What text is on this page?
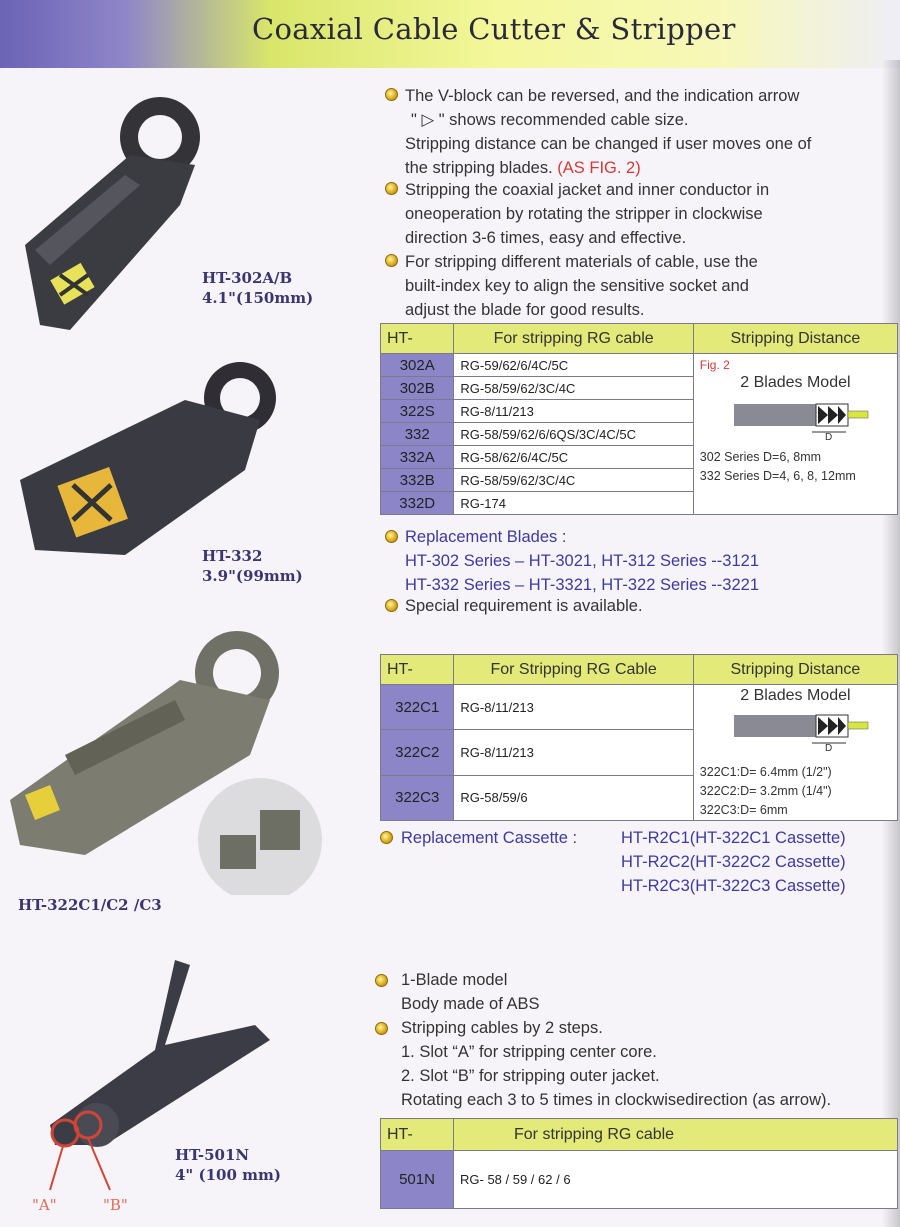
Coaxial Cable Cutter & Stripper
HT-302A/B
4.1"(150mm)
HT-332
3.9"(99mm)
HT-322C1/C2 /C3
"A"	"B"
HT-501N
4" (100 mm)
The V-block can be reversed, and the indication arrow
" ▷ " shows recommended cable size.
Stripping distance can be changed if user moves one of
the stripping blades. (AS FIG. 2)
Stripping the coaxial jacket and inner conductor in
oneoperation by rotating the stripper in clockwise
direction 3-6 times, easy and effective.
For stripping different materials of cable, use the
built-index key to align the sensitive socket and
adjust the blade for good results.
HT-	For stripping RG cable	Stripping Distance
302A	RG-59/62/6/4C/5C	Fig. 2
2 Blades Model
D
302 Series D=6, 8mm
332 Series D=4, 6, 8, 12mm

302B	RG-58/59/62/3C/4C	
322S	RG-8/11/213	
332	RG-58/59/62/6/6QS/3C/4C/5C	
332A	RG-58/62/6/4C/5C	
332B	RG-58/59/62/3C/4C	
332D	RG-174	
Replacement Blades :
HT-302 Series – HT-3021, HT-312 Series --3121
HT-332 Series – HT-3321, HT-322 Series --3221
Special requirement is available.
HT-	For Stripping RG Cable	Stripping Distance
322C1	RG-8/11/213	2 Blades Model
D
322C1:D= 6.4mm (1/2")
322C2:D= 3.2mm (1/4")
322C3:D= 6mm

322C2	RG-8/11/213	
322C3	RG-58/59/6	
Replacement Cassette :	HT-R2C1(HT-322C1 Cassette)
HT-R2C2(HT-322C2 Cassette)
HT-R2C3(HT-322C3 Cassette)
1-Blade model
Body made of ABS
Stripping cables by 2 steps.
1. Slot “A” for stripping center core.
2. Slot “B” for stripping outer jacket.
Rotating each 3 to 5 times in clockwisedirection (as arrow).
HT-	For stripping RG cable
501N	RG- 58 / 59 / 62 / 6
